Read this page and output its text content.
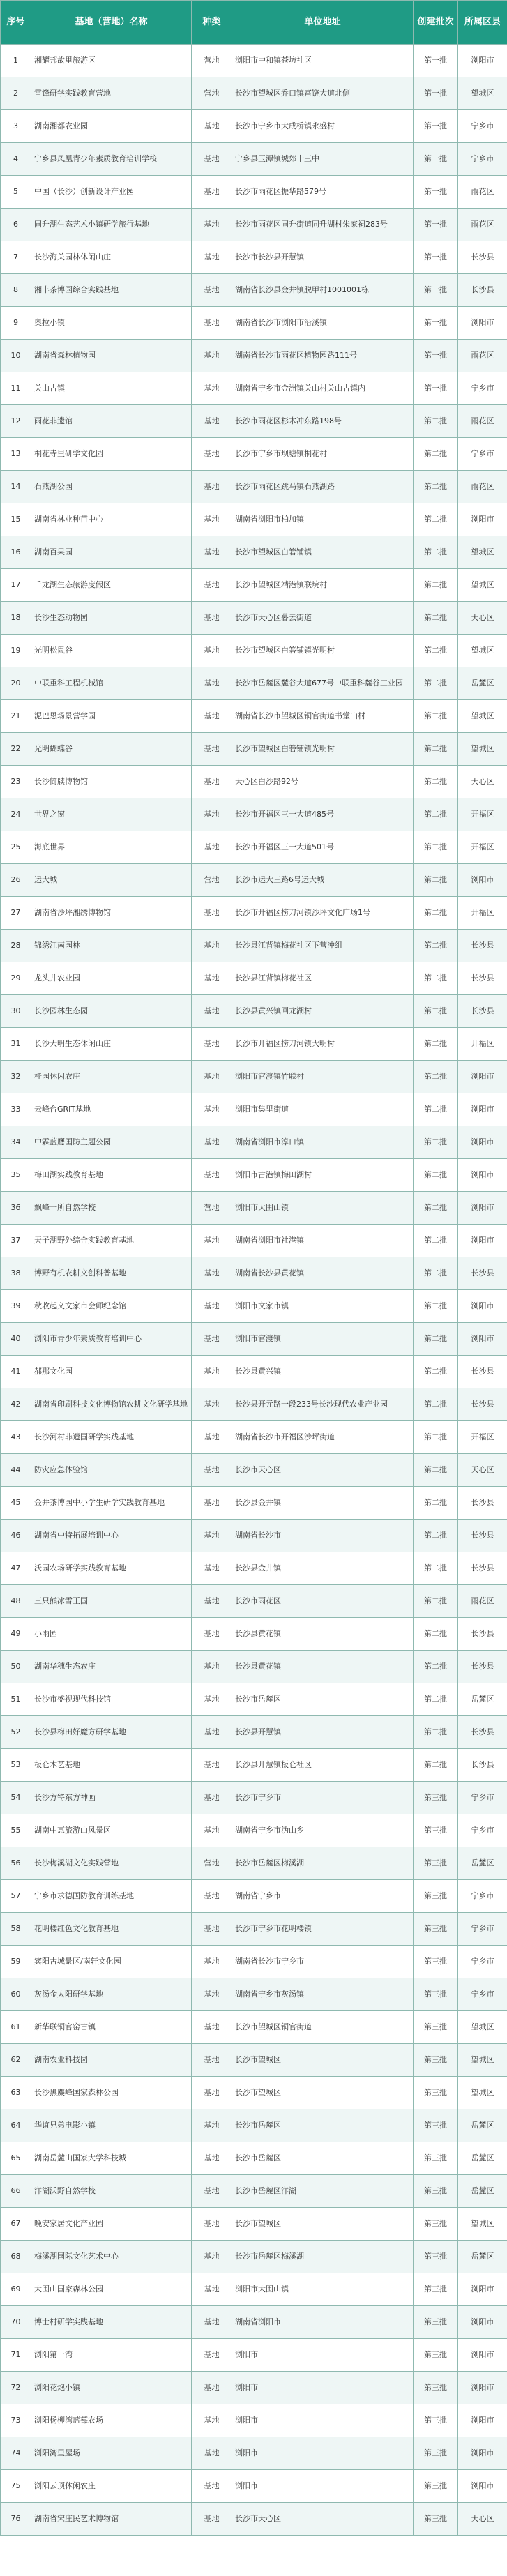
序号	基地（营地）名称	种类	单位地址	创建批次	所属区县
1	湘耀邦故里旅游区	营地	浏阳市中和镇苍坊社区	第一批	浏阳市
2	雷锋研学实践教育营地	营地	长沙市望城区乔口镇富饶大道北侧	第一批	望城区
3	湖南湘都农业园	基地	长沙市宁乡市大成桥镇永盛村	第一批	宁乡市
4	宁乡县凤凰青少年素质教育培训学校	基地	宁乡县玉潭镇城郊十三中	第一批	宁乡市
5	中国（长沙）创新设计产业园	基地	长沙市雨花区振华路579号	第一批	雨花区
6	同升湖生态艺术小镇研学旅行基地	基地	长沙市雨花区同升街道同升湖村朱家祠283号	第一批	雨花区
7	长沙海关园林休闲山庄	基地	长沙市长沙县开慧镇	第一批	长沙县
8	湘丰茶博园综合实践基地	基地	湖南省长沙县金井镇脱甲村1001001栋	第一批	长沙县
9	奥拉小镇	基地	湖南省长沙市浏阳市沿溪镇	第一批	浏阳市
10	湖南省森林植物园	基地	湖南省长沙市雨花区植物园路111号	第一批	雨花区
11	关山古镇	基地	湖南省宁乡市金洲镇关山村关山古镇内	第一批	宁乡市
12	雨花非遗馆	基地	长沙市雨花区杉木冲东路198号	第二批	雨花区
13	桐花寺里研学文化园	基地	长沙市宁乡市坝塘镇桐花村	第二批	宁乡市
14	石燕湖公园	基地	长沙市雨花区跳马镇石燕湖路	第二批	雨花区
15	湖南省林业种苗中心	基地	湖南省浏阳市柏加镇	第二批	浏阳市
16	湖南百果园	基地	长沙市望城区白箬铺镇	第二批	望城区
17	千龙湖生态旅游度假区	基地	长沙市望城区靖港镇联垸村	第二批	望城区
18	长沙生态动物园	基地	长沙市天心区暮云街道	第二批	天心区
19	光明松鼠谷	基地	长沙市望城区白箬铺镇光明村	第二批	望城区
20	中联重科工程机械馆	基地	长沙市岳麓区麓谷大道677号中联重科麓谷工业园	第二批	岳麓区
21	泥巴思场景营学园	基地	湖南省长沙市望城区铜官街道书堂山村	第二批	望城区
22	光明蝴蝶谷	基地	长沙市望城区白箬铺镇光明村	第二批	望城区
23	长沙简牍博物馆	基地	天心区白沙路92号	第二批	天心区
24	世界之窗	基地	长沙市开福区三一大道485号	第二批	开福区
25	海底世界	基地	长沙市开福区三一大道501号	第二批	开福区
26	运大城	营地	长沙市运大三路6号运大城	第二批	浏阳市
27	湖南省沙坪湘绣博物馆	基地	长沙市开福区捞刀河镇沙坪文化广场1号	第二批	开福区
28	锦绣江南园林	基地	长沙县江背镇梅花社区下营冲组	第二批	长沙县
29	龙头井农业园	基地	长沙县江背镇梅花社区	第二批	长沙县
30	长沙园林生态园	基地	长沙县黄兴镇回龙湖村	第二批	长沙县
31	长沙大明生态休闲山庄	基地	长沙市开福区捞刀河镇大明村	第二批	开福区
32	桂园休闲农庄	基地	浏阳市官渡镇竹联村	第二批	浏阳市
33	云峰台GRIT基地	基地	浏阳市集里街道	第二批	浏阳市
34	中霖蓝鹰国防主题公园	基地	湖南省浏阳市淳口镇	第二批	浏阳市
35	梅田湖实践教育基地	基地	浏阳市古港镇梅田湖村	第二批	浏阳市
36	飘峰一所自然学校	营地	浏阳市大围山镇	第二批	浏阳市
37	天子湖野外综合实践教育基地	基地	湖南省浏阳市社港镇	第二批	浏阳市
38	博野有机农耕文创科普基地	基地	湖南省长沙县黄花镇	第二批	长沙县
39	秋收起义文家市会师纪念馆	基地	浏阳市文家市镇	第二批	浏阳市
40	浏阳市青少年素质教育培训中心	基地	浏阳市官渡镇	第二批	浏阳市
41	郝那文化园	基地	长沙县黄兴镇	第二批	长沙县
42	湖南省印刷科技文化博物馆农耕文化研学基地	基地	长沙县开元路一段233号长沙现代农业产业园	第二批	长沙县
43	长沙河村非遗国研学实践基地	基地	湖南省长沙市开福区沙坪街道	第二批	开福区
44	防灾应急体验馆	基地	长沙市天心区	第二批	天心区
45	金井茶博园中小学生研学实践教育基地	基地	长沙县金井镇	第二批	长沙县
46	湖南省中特拓展培训中心	基地	湖南省长沙市	第二批	长沙县
47	沃园农场研学实践教育基地	基地	长沙县金井镇	第二批	长沙县
48	三只熊冰雪王国	基地	长沙市雨花区	第二批	雨花区
49	小雨园	基地	长沙县黄花镇	第二批	长沙县
50	湖南华穗生态农庄	基地	长沙县黄花镇	第二批	长沙县
51	长沙市盛视现代科技馆	基地	长沙市岳麓区	第二批	岳麓区
52	长沙县梅田好魔方研学基地	基地	长沙县开慧镇	第二批	长沙县
53	板仓木艺基地	基地	长沙县开慧镇板仓社区	第二批	长沙县
54	长沙方特东方神画	基地	长沙市宁乡市	第三批	宁乡市
55	湖南中惠旅游山风景区	基地	湖南省宁乡市沩山乡	第三批	宁乡市
56	长沙梅溪湖文化实践营地	营地	长沙市岳麓区梅溪湖	第三批	岳麓区
57	宁乡市求德国防教育训练基地	基地	湖南省宁乡市	第三批	宁乡市
58	花明楼红色文化教育基地	基地	长沙市宁乡市花明楼镇	第三批	宁乡市
59	宾阳古城景区/南轩文化园	基地	湖南省长沙市宁乡市	第三批	宁乡市
60	灰汤金太阳研学基地	基地	湖南省宁乡市灰汤镇	第三批	宁乡市
61	新华联铜官窑古镇	基地	长沙市望城区铜官街道	第三批	望城区
62	湖南农业科技园	基地	长沙市望城区	第三批	望城区
63	长沙黑麋峰国家森林公园	基地	长沙市望城区	第三批	望城区
64	华谊兄弟电影小镇	基地	长沙市岳麓区	第三批	岳麓区
65	湖南岳麓山国家大学科技城	基地	长沙市岳麓区	第三批	岳麓区
66	洋湖沃野自然学校	基地	长沙市岳麓区洋湖	第三批	岳麓区
67	晚安家居文化产业园	基地	长沙市望城区	第三批	望城区
68	梅溪湖国际文化艺术中心	基地	长沙市岳麓区梅溪湖	第三批	岳麓区
69	大围山国家森林公园	基地	浏阳市大围山镇	第三批	浏阳市
70	博士村研学实践基地	基地	湖南省浏阳市	第三批	浏阳市
71	浏阳第一湾	基地	浏阳市	第三批	浏阳市
72	浏阳花炮小镇	基地	浏阳市	第三批	浏阳市
73	浏阳杨柳湾蓝莓农场	基地	浏阳市	第三批	浏阳市
74	浏阳湾里屋场	基地	浏阳市	第三批	浏阳市
75	浏阳云顶休闲农庄	基地	浏阳市	第三批	浏阳市
76	湖南省宋庄民艺术博物馆	基地	长沙市天心区	第三批	天心区
